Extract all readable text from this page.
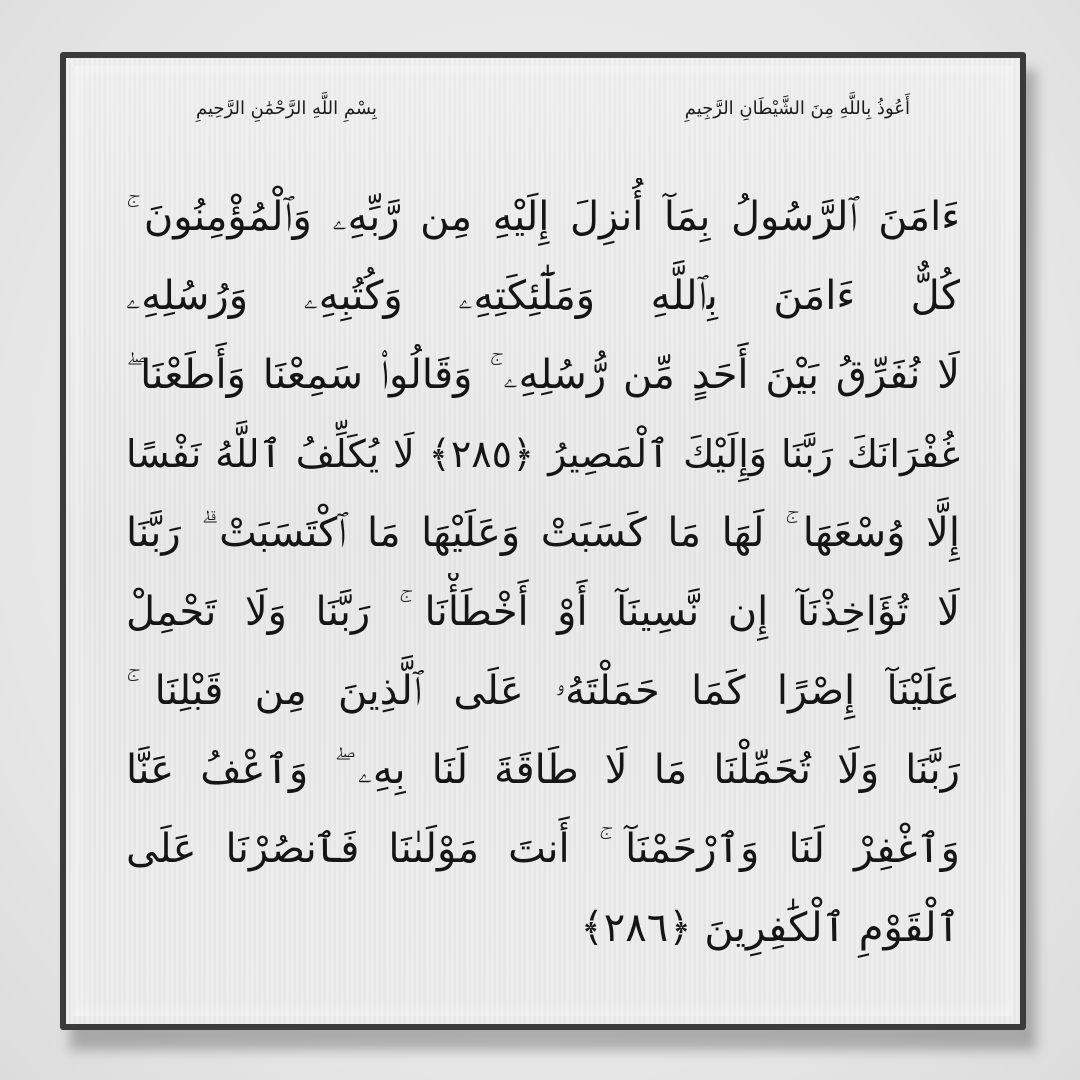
أَعُوذُ بِاللَّهِ مِنَ الشَّيْطَانِ الرَّجِيمِ
بِسْمِ اللَّهِ الرَّحْمَٰنِ الرَّحِيمِ
ءَامَنَ ٱلرَّسُولُ بِمَآ أُنزِلَ إِلَيْهِ مِن رَّبِّهِۦ وَٱلْمُؤْمِنُونَ ۚ
كُلٌّ ءَامَنَ بِٱللَّهِ وَمَلَٰٓئِكَتِهِۦ وَكُتُبِهِۦ وَرُسُلِهِۦ
لَا نُفَرِّقُ بَيْنَ أَحَدٍ مِّن رُّسُلِهِۦ ۚ وَقَالُوا۟ سَمِعْنَا وَأَطَعْنَا ۖ
غُفْرَانَكَ رَبَّنَا وَإِلَيْكَ ٱلْمَصِيرُ ﴿٢٨٥﴾ لَا يُكَلِّفُ ٱللَّهُ نَفْسًا
إِلَّا وُسْعَهَا ۚ لَهَا مَا كَسَبَتْ وَعَلَيْهَا مَا ٱكْتَسَبَتْ ۗ رَبَّنَا
لَا تُؤَاخِذْنَآ إِن نَّسِينَآ أَوْ أَخْطَأْنَا ۚ رَبَّنَا وَلَا تَحْمِلْ
عَلَيْنَآ إِصْرًا كَمَا حَمَلْتَهُۥ عَلَى ٱلَّذِينَ مِن قَبْلِنَا ۚ
رَبَّنَا وَلَا تُحَمِّلْنَا مَا لَا طَاقَةَ لَنَا بِهِۦ ۖ وَٱعْفُ عَنَّا
وَٱغْفِرْ لَنَا وَٱرْحَمْنَآ ۚ أَنتَ مَوْلَىٰنَا فَٱنصُرْنَا عَلَى
ٱلْقَوْمِ ٱلْكَٰفِرِينَ ﴿٢٨٦﴾
